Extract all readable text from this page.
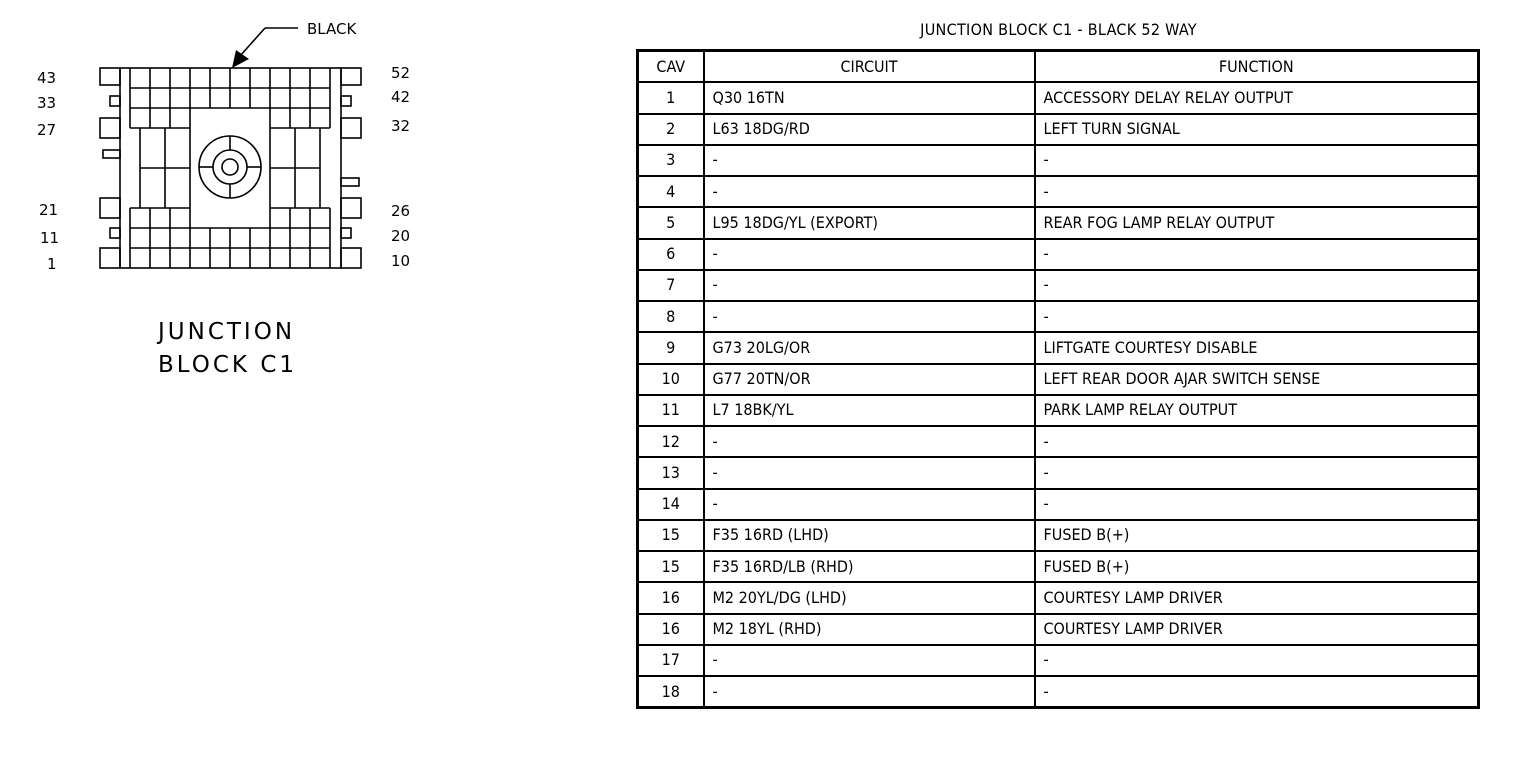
BLACK
43
33
27
21
11
1
52
42
32
26
20
10
JUNCTION
BLOCK C1
JUNCTION BLOCK C1 - BLACK 52 WAY
CAV	CIRCUIT	FUNCTION
1	Q30 16TN	ACCESSORY DELAY RELAY OUTPUT
2	L63 18DG/RD	LEFT TURN SIGNAL
3	-	-
4	-	-
5	L95 18DG/YL (EXPORT)	REAR FOG LAMP RELAY OUTPUT
6	-	-
7	-	-
8	-	-
9	G73 20LG/OR	LIFTGATE COURTESY DISABLE
10	G77 20TN/OR	LEFT REAR DOOR AJAR SWITCH SENSE
11	L7 18BK/YL	PARK LAMP RELAY OUTPUT
12	-	-
13	-	-
14	-	-
15	F35 16RD (LHD)	FUSED B(+)
15	F35 16RD/LB (RHD)	FUSED B(+)
16	M2 20YL/DG (LHD)	COURTESY LAMP DRIVER
16	M2 18YL (RHD)	COURTESY LAMP DRIVER
17	-	-
18	-	-
